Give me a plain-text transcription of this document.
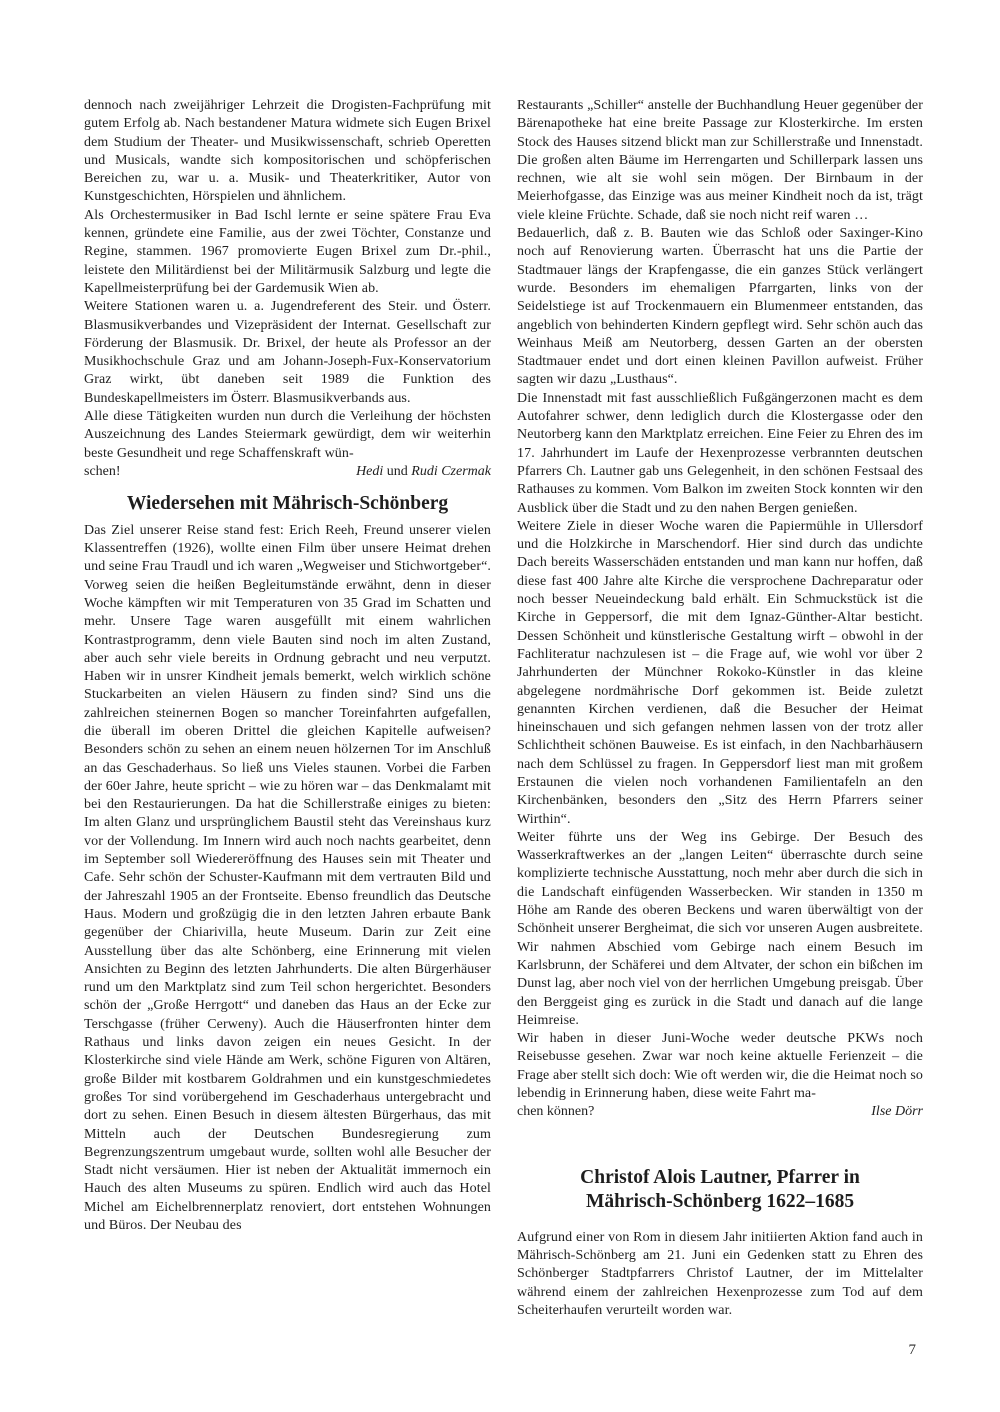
dennoch nach zweijähriger Lehrzeit die Drogisten-Fachprüfung mit gutem Erfolg ab. Nach bestandener Matura widmete sich Eugen Brixel dem Studium der Theater- und Musikwissenschaft, schrieb Operetten und Musicals, wandte sich kompositorischen und schöpferischen Bereichen zu, war u. a. Musik- und Theaterkritiker, Autor von Kunstgeschichten, Hörspielen und ähnlichem.

Als Orchestermusiker in Bad Ischl lernte er seine spätere Frau Eva kennen, gründete eine Familie, aus der zwei Töchter, Constanze und Regine, stammen. 1967 promovierte Eugen Brixel zum Dr.-phil., leistete den Militärdienst bei der Militärmusik Salzburg und legte die Kapellmeisterprüfung bei der Gardemusik Wien ab.

Weitere Stationen waren u. a. Jugendreferent des Steir. und Österr. Blasmusikverbandes und Vizepräsident der Internat. Gesellschaft zur Förderung der Blasmusik. Dr. Brixel, der heute als Professor an der Musikhochschule Graz und am Johann-Joseph-Fux-Konservatorium Graz wirkt, übt daneben seit 1989 die Funktion des Bundeskapellmeisters im Österr. Blasmusikverbands aus.

Alle diese Tätigkeiten wurden nun durch die Verleihung der höchsten Auszeichnung des Landes Steiermark gewürdigt, dem wir weiterhin beste Gesundheit und rege Schaffenskraft wün-

schen!	Hedi und Rudi Czermak
Wiedersehen mit Mährisch-Schönberg

Das Ziel unserer Reise stand fest: Erich Reeh, Freund unserer vielen Klassentreffen (1926), wollte einen Film über unsere Heimat drehen und seine Frau Traudl und ich waren „Wegweiser und Stichwortgeber“. Vorweg seien die heißen Begleitumstände erwähnt, denn in dieser Woche kämpften wir mit Temperaturen von 35 Grad im Schatten und mehr. Unsere Tage waren ausgefüllt mit einem wahrlichen Kontrastprogramm, denn viele Bauten sind noch im alten Zustand, aber auch sehr viele bereits in Ordnung gebracht und neu verputzt. Haben wir in unsrer Kindheit jemals bemerkt, welch wirklich schöne Stuckarbeiten an vielen Häusern zu finden sind? Sind uns die zahlreichen steinernen Bogen so mancher Toreinfahrten aufgefallen, die überall im oberen Drittel die gleichen Kapitelle aufweisen? Besonders schön zu sehen an einem neuen hölzernen Tor im Anschluß an das Geschaderhaus. So ließ uns Vieles staunen. Vorbei die Farben der 60er Jahre, heute spricht – wie zu hören war – das Denkmalamt mit bei den Restaurierungen. Da hat die Schillerstraße einiges zu bieten: Im alten Glanz und ursprünglichem Baustil steht das Vereinshaus kurz vor der Vollendung. Im Innern wird auch noch nachts gearbeitet, denn im September soll Wiedereröffnung des Hauses sein mit Theater und Cafe. Sehr schön der Schuster-Kaufmann mit dem vertrauten Bild und der Jahreszahl 1905 an der Frontseite. Ebenso freundlich das Deutsche Haus. Modern und großzügig die in den letzten Jahren erbaute Bank gegenüber der Chiarivilla, heute Museum. Darin zur Zeit eine Ausstellung über das alte Schönberg, eine Erinnerung mit vielen Ansichten zu Beginn des letzten Jahrhunderts. Die alten Bürgerhäuser rund um den Marktplatz sind zum Teil schon hergerichtet. Besonders schön der „Große Herrgott“ und daneben das Haus an der Ecke zur Terschgasse (früher Cerweny). Auch die Häuserfronten hinter dem Rathaus und links davon zeigen ein neues Gesicht. In der Klosterkirche sind viele Hände am Werk, schöne Figuren von Altären, große Bilder mit kostbarem Goldrahmen und ein kunstgeschmiedetes großes Tor sind vorübergehend im Geschaderhaus untergebracht und dort zu sehen. Einen Besuch in diesem ältesten Bürgerhaus, das mit Mitteln auch der Deutschen Bundesregierung zum Begrenzungszentrum umgebaut wurde, sollten wohl alle Besucher der Stadt nicht versäumen. Hier ist neben der Aktualität immernoch ein Hauch des alten Museums zu spüren. Endlich wird auch das Hotel Michel am Eichelbrennerplatz renoviert, dort entstehen Wohnungen und Büros. Der Neubau des

Restaurants „Schiller“ anstelle der Buchhandlung Heuer gegenüber der Bärenapotheke hat eine breite Passage zur Klosterkirche. Im ersten Stock des Hauses sitzend blickt man zur Schillerstraße und Innenstadt. Die großen alten Bäume im Herrengarten und Schillerpark lassen uns rechnen, wie alt sie wohl sein mögen. Der Birnbaum in der Meierhofgasse, das Einzige was aus meiner Kindheit noch da ist, trägt viele kleine Früchte. Schade, daß sie noch nicht reif waren …

Bedauerlich, daß z. B. Bauten wie das Schloß oder Saxinger-Kino noch auf Renovierung warten. Überrascht hat uns die Partie der Stadtmauer längs der Krapfengasse, die ein ganzes Stück verlängert wurde. Besonders im ehemaligen Pfarrgarten, links von der Seidelstiege ist auf Trockenmauern ein Blumenmeer entstanden, das angeblich von behinderten Kindern gepflegt wird. Sehr schön auch das Weinhaus Meiß am Neutorberg, dessen Garten an der obersten Stadtmauer endet und dort einen kleinen Pavillon aufweist. Früher sagten wir dazu „Lusthaus“.

Die Innenstadt mit fast ausschließlich Fußgängerzonen macht es dem Autofahrer schwer, denn lediglich durch die Klostergasse oder den Neutorberg kann den Marktplatz erreichen. Eine Feier zu Ehren des im 17. Jahrhundert im Laufe der Hexenprozesse verbrannten deutschen Pfarrers Ch. Lautner gab uns Gelegenheit, in den schönen Festsaal des Rathauses zu kommen. Vom Balkon im zweiten Stock konnten wir den Ausblick über die Stadt und zu den nahen Bergen genießen.

Weitere Ziele in dieser Woche waren die Papiermühle in Ullersdorf und die Holzkirche in Marschendorf. Hier sind durch das undichte Dach bereits Wasserschäden entstanden und man kann nur hoffen, daß diese fast 400 Jahre alte Kirche die versprochene Dachreparatur oder noch besser Neueindeckung bald erhält. Ein Schmuckstück ist die Kirche in Geppersorf, die mit dem Ignaz-Günther-Altar besticht. Dessen Schönheit und künstlerische Gestaltung wirft – obwohl in der Fachliteratur nachzulesen ist – die Frage auf, wie wohl vor über 2 Jahrhunderten der Münchner Rokoko-Künstler in das kleine abgelegene nordmährische Dorf gekommen ist. Beide zuletzt genannten Kirchen verdienen, daß die Besucher der Heimat hineinschauen und sich gefangen nehmen lassen von der trotz aller Schlichtheit schönen Bauweise. Es ist einfach, in den Nachbarhäusern nach dem Schlüssel zu fragen. In Geppersdorf liest man mit großem Erstaunen die vielen noch vorhandenen Familientafeln an den Kirchenbänken, besonders den „Sitz des Herrn Pfarrers seiner Wirthin“.

Weiter führte uns der Weg ins Gebirge. Der Besuch des Wasserkraftwerkes an der „langen Leiten“ überraschte durch seine komplizierte technische Ausstattung, noch mehr aber durch die sich in die Landschaft einfügenden Wasserbecken. Wir standen in 1350 m Höhe am Rande des oberen Beckens und waren überwältigt von der Schönheit unserer Bergheimat, die sich vor unseren Augen ausbreitete. Wir nahmen Abschied vom Gebirge nach einem Besuch im Karlsbrunn, der Schäferei und dem Altvater, der schon ein bißchen im Dunst lag, aber noch viel von der herrlichen Umgebung preisgab. Über den Berggeist ging es zurück in die Stadt und danach auf die lange Heimreise.

Wir haben in dieser Juni-Woche weder deutsche PKWs noch Reisebusse gesehen. Zwar war noch keine aktuelle Ferienzeit – die Frage aber stellt sich doch: Wie oft werden wir, die die Heimat noch so lebendig in Erinnerung haben, diese weite Fahrt ma-

chen können?	Ilse Dörr
Christof Alois Lautner, Pfarrer in
Mährisch-Schönberg 1622–1685

Aufgrund einer von Rom in diesem Jahr initiierten Aktion fand auch in Mährisch-Schönberg am 21. Juni ein Gedenken statt zu Ehren des Schönberger Stadtpfarrers Christof Lautner, der im Mittelalter während einem der zahlreichen Hexenprozesse zum Tod auf dem Scheiterhaufen verurteilt worden war.

7
